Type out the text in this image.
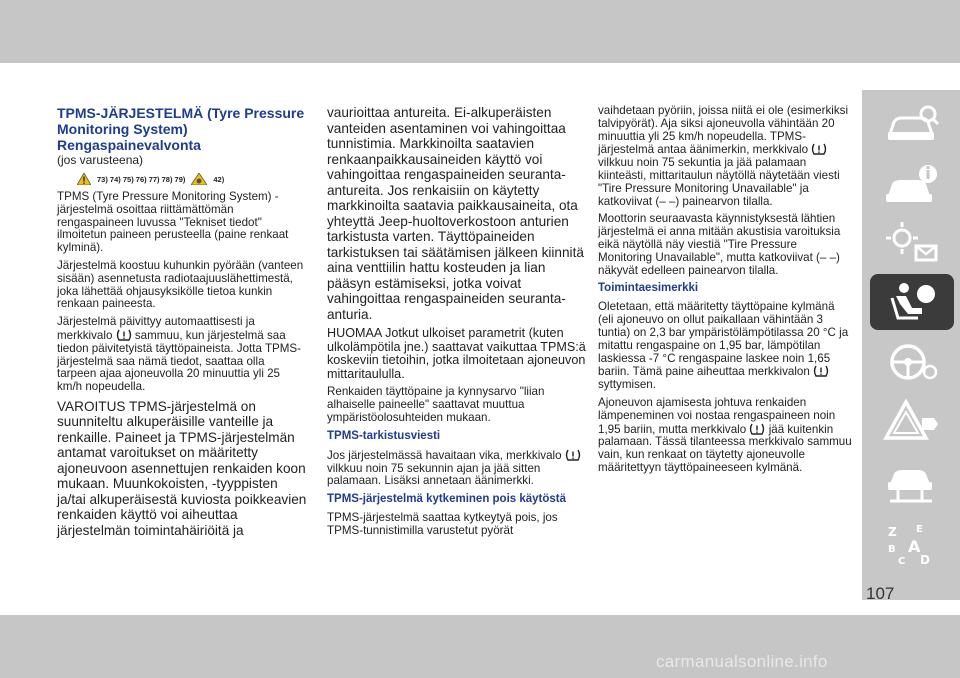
TPMS-JÄRJESTELMÄ (Tyre Pressure Monitoring System) Rengaspainevalvonta
(jos varusteena)
73) 74) 75) 76) 77) 78) 79)	42)

TPMS (Tyre Pressure Monitoring System) -järjestelmä osoittaa riittämättömän rengaspaineen luvussa "Tekniset tiedot" ilmoitetun paineen perusteella (paine renkaat kylminä).

Järjestelmä koostuu kuhunkin pyörään (vanteen sisään) asennetusta radiotaajuuslähettimestä, joka lähettää ohjausyksikölle tietoa kunkin renkaan paineesta.

Järjestelmä päivittyy automaattisesti ja merkkivalo sammuu, kun järjestelmä saa tiedon päivitetyistä täyttöpaineista. Jotta TPMS-järjestelmä saa nämä tiedot, saattaa olla tarpeen ajaa ajoneuvolla 20 minuuttia yli 25 km/h nopeudella.

VAROITUS TPMS-järjestelmä on suunniteltu alkuperäisille vanteille ja renkaille. Paineet ja TPMS-järjestelmän antamat varoitukset on määritetty ajoneuvoon asennettujen renkaiden koon mukaan. Muunkokoisten, -tyyppisten ja/tai alkuperäisestä kuviosta poikkeavien renkaiden käyttö voi aiheuttaa järjestelmän toimintahäiriöitä ja

vaurioittaa antureita. Ei-alkuperäisten vanteiden asentaminen voi vahingoittaa tunnistimia. Markkinoilta saatavien renkaanpaikkausaineiden käyttö voi vahingoittaa rengaspaineiden seuranta-antureita. Jos renkaisiin on käytetty markkinoilta saatavia paikkausaineita, ota yhteyttä Jeep-huoltoverkostoon anturien tarkistusta varten. Täyttöpaineiden tarkistuksen tai säätämisen jälkeen kiinnitä aina venttiilin hattu kosteuden ja lian pääsyn estämiseksi, jotka voivat vahingoittaa rengaspaineiden seuranta-anturia.

HUOMAA Jotkut ulkoiset parametrit (kuten ulkolämpötila jne.) saattavat vaikuttaa TPMS:ä koskeviin tietoihin, jotka ilmoitetaan ajoneuvon mittaritaululla.

Renkaiden täyttöpaine ja kynnysarvo "liian alhaiselle paineelle" saattavat muuttua ympäristöolosuhteiden mukaan.

TPMS-tarkistusviesti

Jos järjestelmässä havaitaan vika, merkkivalo  vilkkuu noin 75 sekunnin ajan ja jää sitten palamaan. Lisäksi annetaan äänimerkki.

TPMS-järjestelmä kytkeminen pois käytöstä

TPMS-järjestelmä saattaa kytkeytyä pois, jos TPMS-tunnistimilla varustetut pyörät

vaihdetaan pyöriin, joissa niitä ei ole (esimerkiksi talvipyörät). Aja siksi ajoneuvolla vähintään 20 minuuttia yli 25 km/h nopeudella. TPMS-järjestelmä antaa äänimerkin, merkkivalo  vilkkuu noin 75 sekuntia ja jää palamaan kiinteästi, mittaritaulun näytöllä näytetään viesti "Tire Pressure Monitoring Unavailable" ja katkoviivat (– –) painearvon tilalla.

Moottorin seuraavasta käynnistyksestä lähtien järjestelmä ei anna mitään akustisia varoituksia eikä näytöllä näy viestiä "Tire Pressure Monitoring Unavailable", mutta katkoviivat (– –) näkyvät edelleen painearvon tilalla.

Toimintaesimerkki

Oletetaan, että määritetty täyttöpaine kylmänä (eli ajoneuvo on ollut paikallaan vähintään 3 tuntia) on 2,3 bar ympäristölämpötilassa 20 °C ja mitattu rengaspaine on 1,95 bar, lämpötilan laskiessa -7 °C rengaspaine laskee noin 1,65 bariin. Tämä paine aiheuttaa merkkivalon  syttymisen.

Ajoneuvon ajamisesta johtuva renkaiden lämpeneminen voi nostaa rengaspaineen noin 1,95 bariin, mutta merkkivalo jää kuitenkin palamaan. Tässä tilanteessa merkkivalo sammuu vain, kun renkaat on täytetty ajoneuvolle määritettyyn täyttöpaineeseen kylmänä.

Z E
B A
C D
107
carmanualsonline.info
